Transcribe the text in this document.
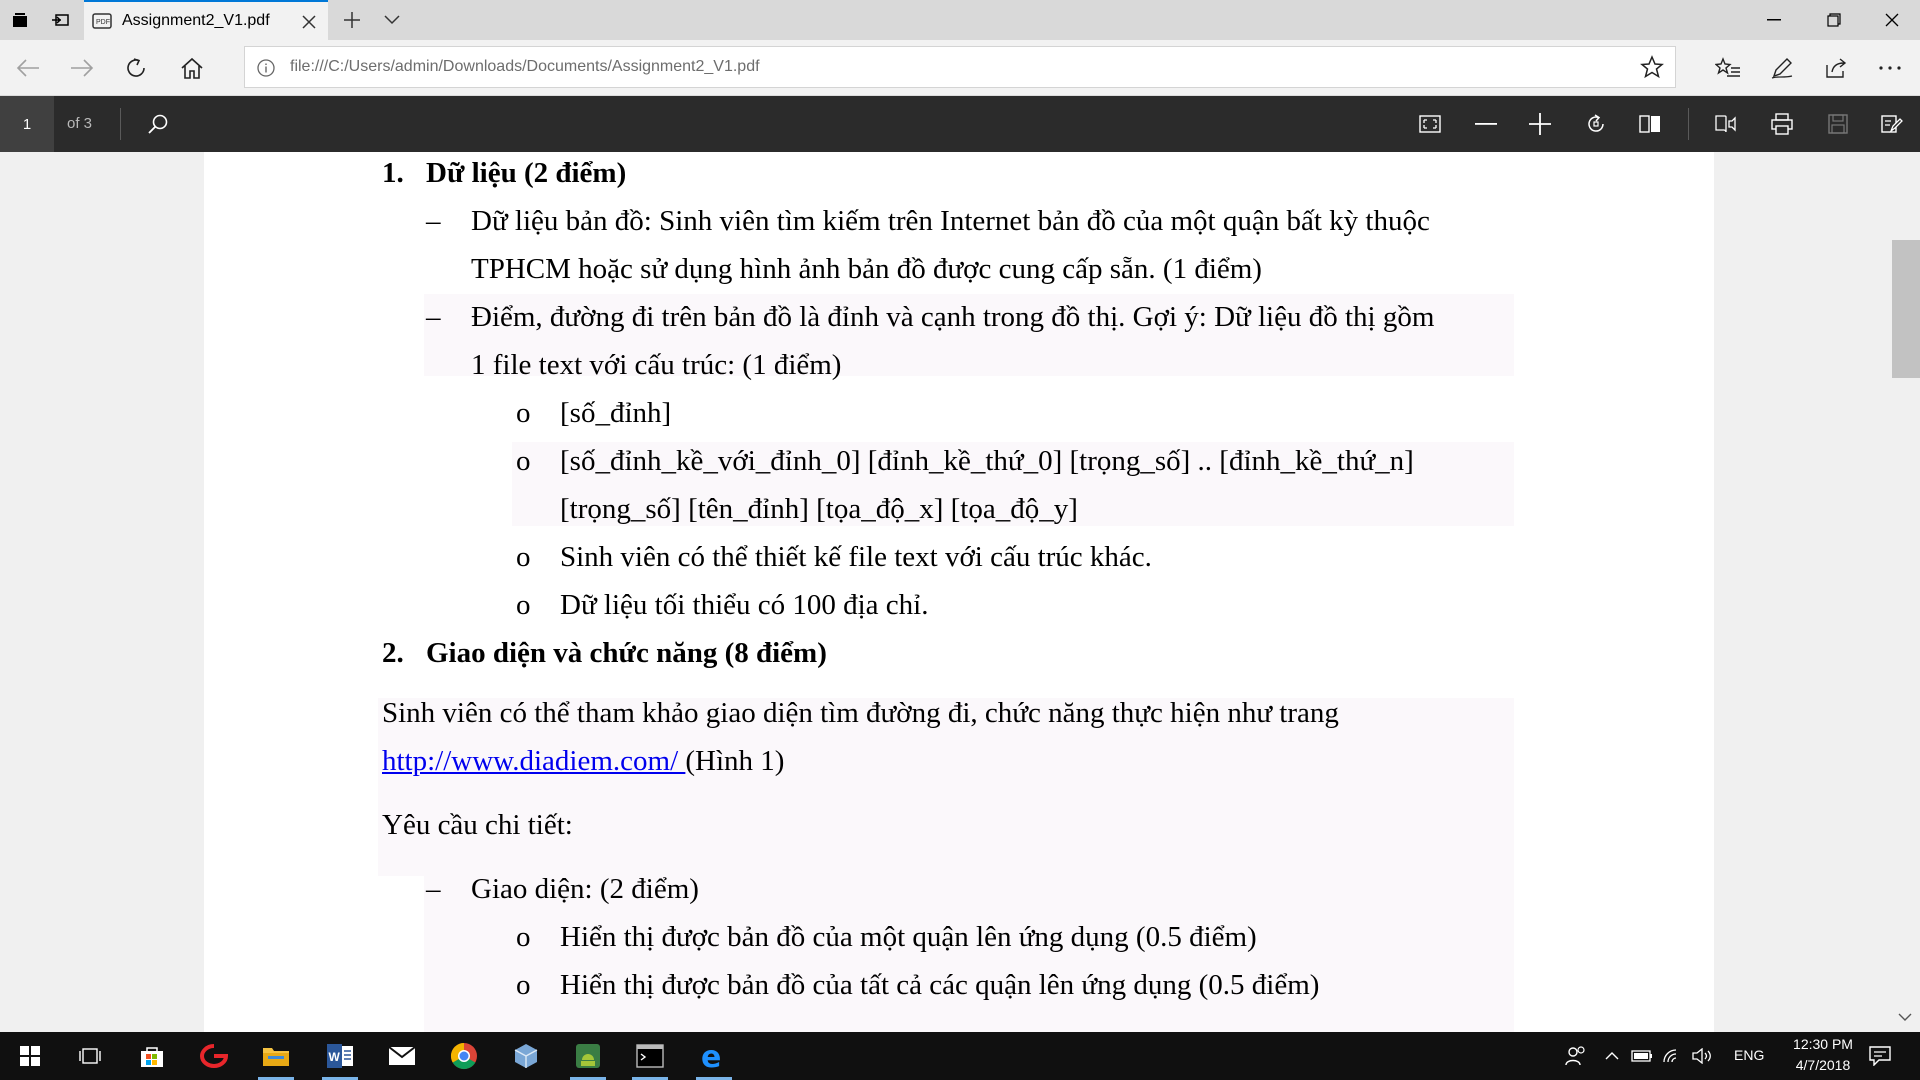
PDF Assignment2_V1.pdf
file:///C:/Users/admin/Downloads/Documents/Assignment2_V1.pdf
1	of 3
1. Dữ liệu (2 điểm)
– Dữ liệu bản đồ: Sinh viên tìm kiếm trên Internet bản đồ của một quận bất kỳ thuộc
TPHCM hoặc sử dụng hình ảnh bản đồ được cung cấp sẵn. (1 điểm)
– Điểm, đường đi trên bản đồ là đỉnh và cạnh trong đồ thị. Gợi ý: Dữ liệu đồ thị gồm
1 file text với cấu trúc: (1 điểm)
o [số_đỉnh]
o [số_đỉnh_kề_với_đỉnh_0] [đỉnh_kề_thứ_0] [trọng_số] .. [đỉnh_kề_thứ_n]
[trọng_số] [tên_đỉnh] [tọa_độ_x] [tọa_độ_y]
o Sinh viên có thể thiết kế file text với cấu trúc khác.
o Dữ liệu tối thiểu có 100 địa chỉ.
2. Giao diện và chức năng (8 điểm)
Sinh viên có thể tham khảo giao diện tìm đường đi, chức năng thực hiện như trang
http://www.diadiem.com/ (Hình 1)
Yêu cầu chi tiết:
– Giao diện: (2 điểm)
o Hiển thị được bản đồ của một quận lên ứng dụng (0.5 điểm)
o Hiển thị được bản đồ của tất cả các quận lên ứng dụng (0.5 điểm)
W	e	ENG
12:30 PM
4/7/2018
